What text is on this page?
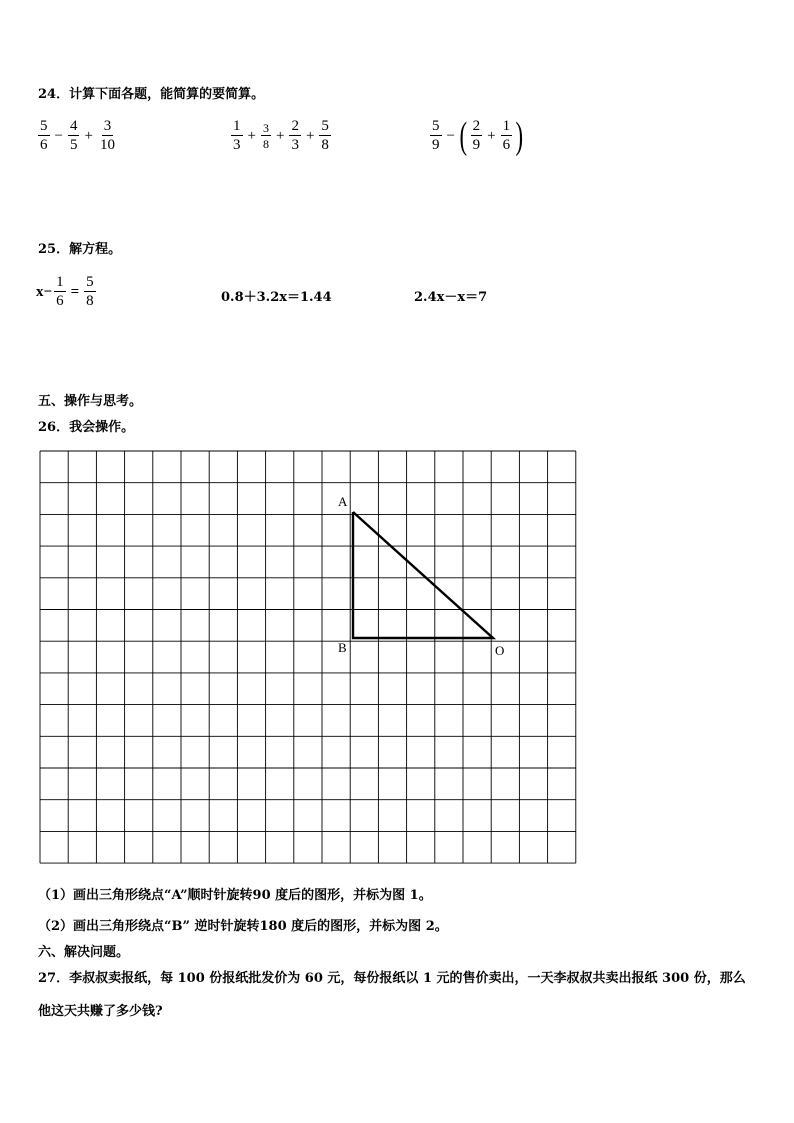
24．计算下面各题，能简算的要简算。
$\frac{5}{6} - \frac{4}{5} + \frac{3}{10}$	$\frac{1}{3} + \frac{3}{8} + \frac{2}{3} + \frac{5}{8}$	$\frac{5}{9}$ − ( $\frac{2}{9} + \frac{1}{6}$ )
25．解方程。
$x- \frac{1}{6} = \frac{5}{8}$	0.8＋3.2x＝1.44	2.4x－x＝7
五、操作与思考。
26．我会操作。
A
B	O
（1）画出三角形绕点“A”顺时针旋转90 度后的图形，并标为图 1。
（2）画出三角形绕点“B” 逆时针旋转180 度后的图形，并标为图 2。
六、解决问题。
27．李叔叔卖报纸，每 100 份报纸批发价为 60 元，每份报纸以 1 元的售价卖出，一天李叔叔共卖出报纸 300 份，那么
他这天共赚了多少钱?
